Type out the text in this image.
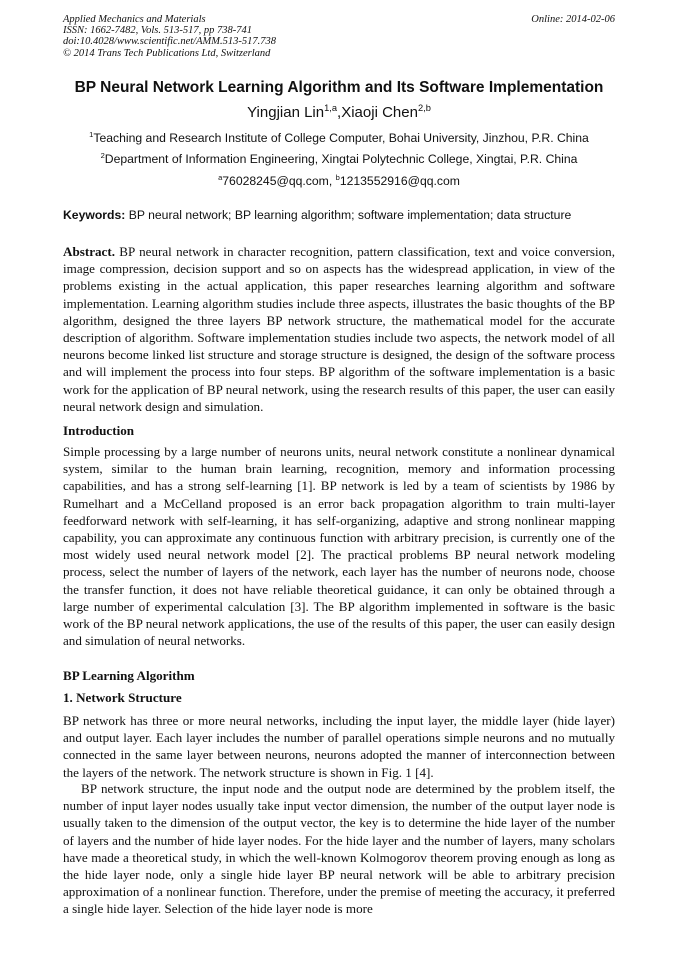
Applied Mechanics and Materials
ISSN: 1662-7482, Vols. 513-517, pp 738-741
doi:10.4028/www.scientific.net/AMM.513-517.738
© 2014 Trans Tech Publications Ltd, Switzerland
Online: 2014-02-06
BP Neural Network Learning Algorithm and Its Software Implementation
Yingjian Lin$^{1,a}$,Xiaoji Chen$^{2,b}$
$^1$Teaching and Research Institute of College Computer, Bohai University, Jinzhou, P.R. China
$^2$Department of Information Engineering, Xingtai Polytechnic College, Xingtai, P.R. China
$^a$76028245@qq.com, $^b$1213552916@qq.com
Keywords: BP neural network; BP learning algorithm; software implementation; data structure
Abstract. BP neural network in character recognition, pattern classification, text and voice conversion, image compression, decision support and so on aspects has the widespread application, in view of the problems existing in the actual application, this paper researches learning algorithm and software implementation. Learning algorithm studies include three aspects, illustrates the basic thoughts of the BP algorithm, designed the three layers BP network structure, the mathematical model for the accurate description of algorithm. Software implementation studies include two aspects, the network model of all neurons become linked list structure and storage structure is designed, the design of the software process and will implement the process into four steps. BP algorithm of the software implementation is a basic work for the application of BP neural network, using the research results of this paper, the user can easily neural network design and simulation.
Introduction
Simple processing by a large number of neurons units, neural network constitute a nonlinear dynamical system, similar to the human brain learning, recognition, memory and information processing capabilities, and has a strong self-learning [1]. BP network is led by a team of scientists by 1986 by Rumelhart and a McCelland proposed is an error back propagation algorithm to train multi-layer feedforward network with self-learning, it has self-organizing, adaptive and strong nonlinear mapping capability, you can approximate any continuous function with arbitrary precision, is currently one of the most widely used neural network model [2]. The practical problems BP neural network modeling process, select the number of layers of the network, each layer has the number of neurons node, choose the transfer function, it does not have reliable theoretical guidance, it can only be obtained through a large number of experimental calculation [3]. The BP algorithm implemented in software is the basic work of the BP neural network applications, the use of the results of this paper, the user can easily design and simulation of neural networks.
BP Learning Algorithm
1. Network Structure
BP network has three or more neural networks, including the input layer, the middle layer (hide layer) and output layer. Each layer includes the number of parallel operations simple neurons and no mutually connected in the same layer between neurons, neurons adopted the manner of interconnection between the layers of the network. The network structure is shown in Fig. 1 [4].
BP network structure, the input node and the output node are determined by the problem itself, the number of input layer nodes usually take input vector dimension, the number of the output layer node is usually taken to the dimension of the output vector, the key is to determine the hide layer of the number of layers and the number of hide layer nodes. For the hide layer and the number of layers, many scholars have made a theoretical study, in which the well-known Kolmogorov theorem proving enough as long as the hide layer node, only a single hide layer BP neural network will be able to arbitrary precision approximation of a nonlinear function. Therefore, under the premise of meeting the accuracy, it preferred a single hide layer. Selection of the hide layer node is more
